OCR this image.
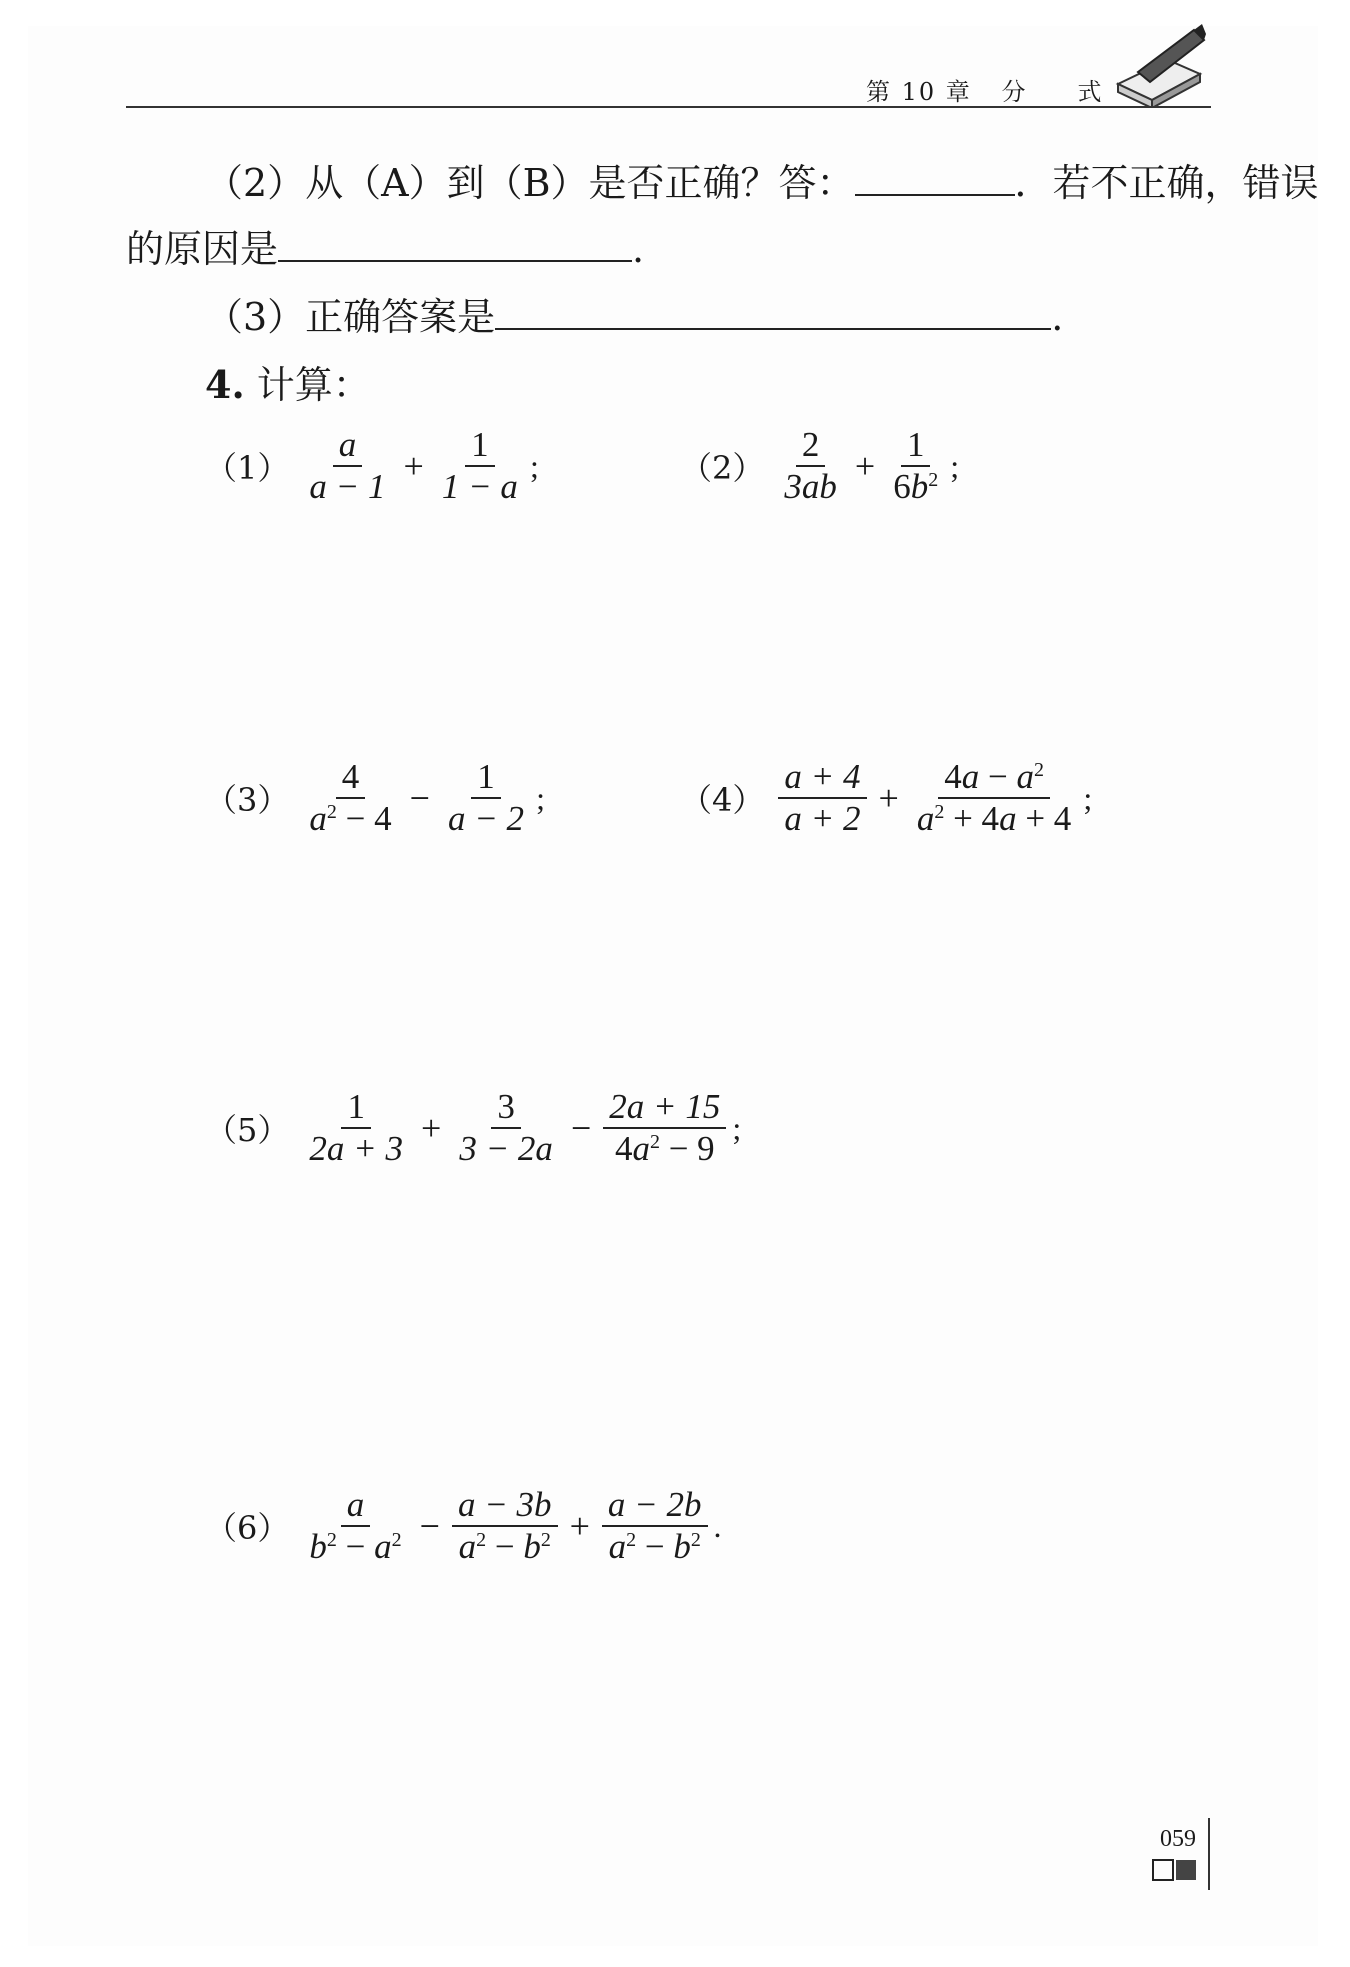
第 10 章 分 式
（2）从（A）到（B）是否正确？答：	．若不正确，错误
的原因是	.
（3）正确答案是	.
4. 计算：
$(1) \frac{a}{a - 1} + \frac{1}{1 - a}$ ;	$(2) \frac{2}{3ab} + \frac{1}{6b^2}$ ;
$(3) \frac{4}{a^2 - 4} - \frac{1}{a - 2}$ ;	$(4) \frac{a + 4}{a + 2} + \frac{4a - a^2}{a^2 + 4a + 4}$ ;
$(5) \frac{1}{2a + 3} + \frac{3}{3 - 2a} - \frac{2a + 15}{4a^2 - 9}$ ;
$(6) \frac{a}{b^2 - a^2} - \frac{a - 3b}{a^2 - b^2} + \frac{a - 2b}{a^2 - b^2}$ .
059
